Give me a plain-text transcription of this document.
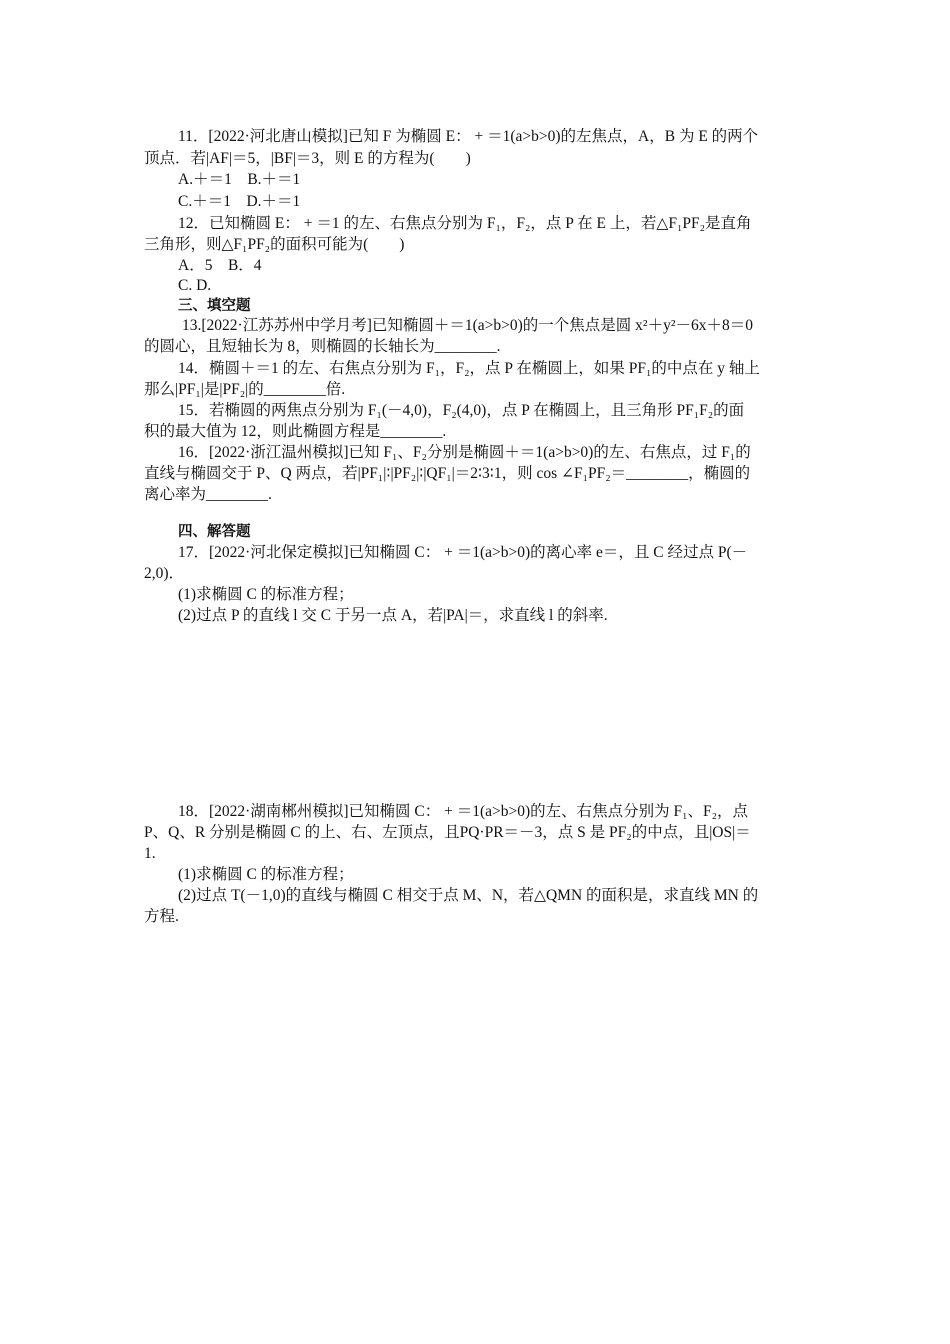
11．[2022·河北唐山模拟]已知 F 为椭圆 E： + ＝1(a>b>0)的左焦点，A，B 为 E 的两个
顶点．若|AF|＝5，|BF|＝3，则 E 的方程为(　　)
A.＋＝1　B.＋＝1
C.＋＝1　D.＋＝1
12．已知椭圆 E： + ＝1 的左、右焦点分别为 F₁，F₂，点 P 在 E 上，若△F₁PF₂是直角
三角形，则△F₁PF₂的面积可能为(　　)
A．5　B．4
C. D.
三、填空题
13.[2022·江苏苏州中学月考]已知椭圆＋＝1(a>b>0)的一个焦点是圆 x²＋y²－6x＋8＝0
的圆心，且短轴长为 8，则椭圆的长轴长为________.
14．椭圆＋＝1 的左、右焦点分别为 F₁，F₂，点 P 在椭圆上，如果 PF₁的中点在 y 轴上
那么|PF₁|是|PF₂|的________倍.
15．若椭圆的两焦点分别为 F₁(－4,0)，F₂(4,0)，点 P 在椭圆上，且三角形 PF₁F₂的面
积的最大值为 12，则此椭圆方程是________.
16．[2022·浙江温州模拟]已知 F₁、F₂分别是椭圆＋＝1(a>b>0)的左、右焦点，过 F₁的
直线与椭圆交于 P、Q 两点，若|PF₁|∶|PF₂|∶|QF₁|＝2∶3∶1，则 cos ∠F₁PF₂＝________，椭圆的
离心率为________.
四、解答题
17．[2022·河北保定模拟]已知椭圆 C： + ＝1(a>b>0)的离心率 e＝，且 C 经过点 P(－
2,0)．
(1)求椭圆 C 的标准方程；
(2)过点 P 的直线 l 交 C 于另一点 A，若|PA|＝，求直线 l 的斜率.
18．[2022·湖南郴州模拟]已知椭圆 C： + ＝1(a>b>0)的左、右焦点分别为 F₁、F₂，点
P、Q、R 分别是椭圆 C 的上、右、左顶点，且PQ·PR＝－3，点 S 是 PF₂的中点，且|OS|＝
1.
(1)求椭圆 C 的标准方程；
(2)过点 T(－1,0)的直线与椭圆 C 相交于点 M、N，若△QMN 的面积是，求直线 MN 的
方程.
